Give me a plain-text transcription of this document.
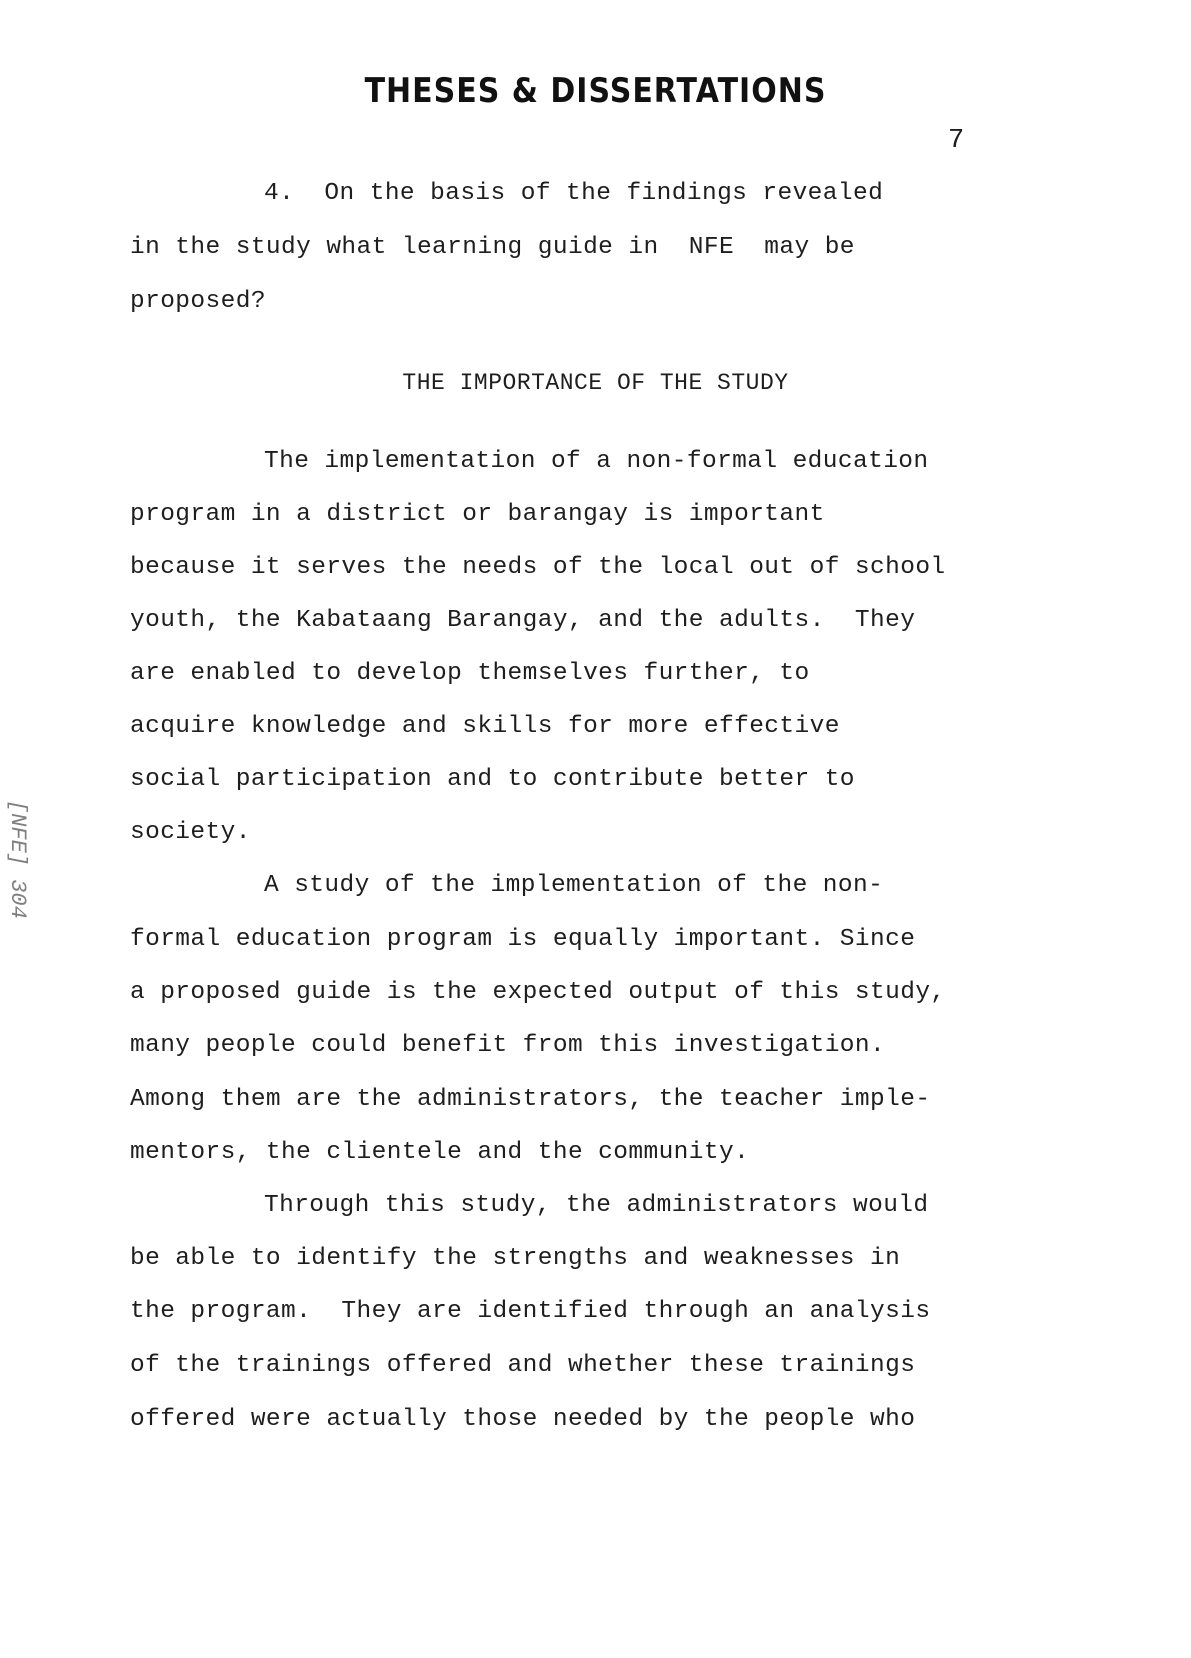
THESES & DISSERTATIONS
7
4.  On the basis of the findings revealed
in the study what learning guide in  NFE  may be
proposed?
THE IMPORTANCE OF THE STUDY
The implementation of a non-formal education
program in a district or barangay is important
because it serves the needs of the local out of school
youth, the Kabataang Barangay, and the adults.  They
are enabled to develop themselves further, to
acquire knowledge and skills for more effective
social participation and to contribute better to
society.
A study of the implementation of the non-
formal education program is equally important. Since
a proposed guide is the expected output of this study,
many people could benefit from this investigation.
Among them are the administrators, the teacher imple-
mentors, the clientele and the community.
Through this study, the administrators would
be able to identify the strengths and weaknesses in
the program.  They are identified through an analysis
of the trainings offered and whether these trainings
offered were actually those needed by the people who
[NFE] 304
